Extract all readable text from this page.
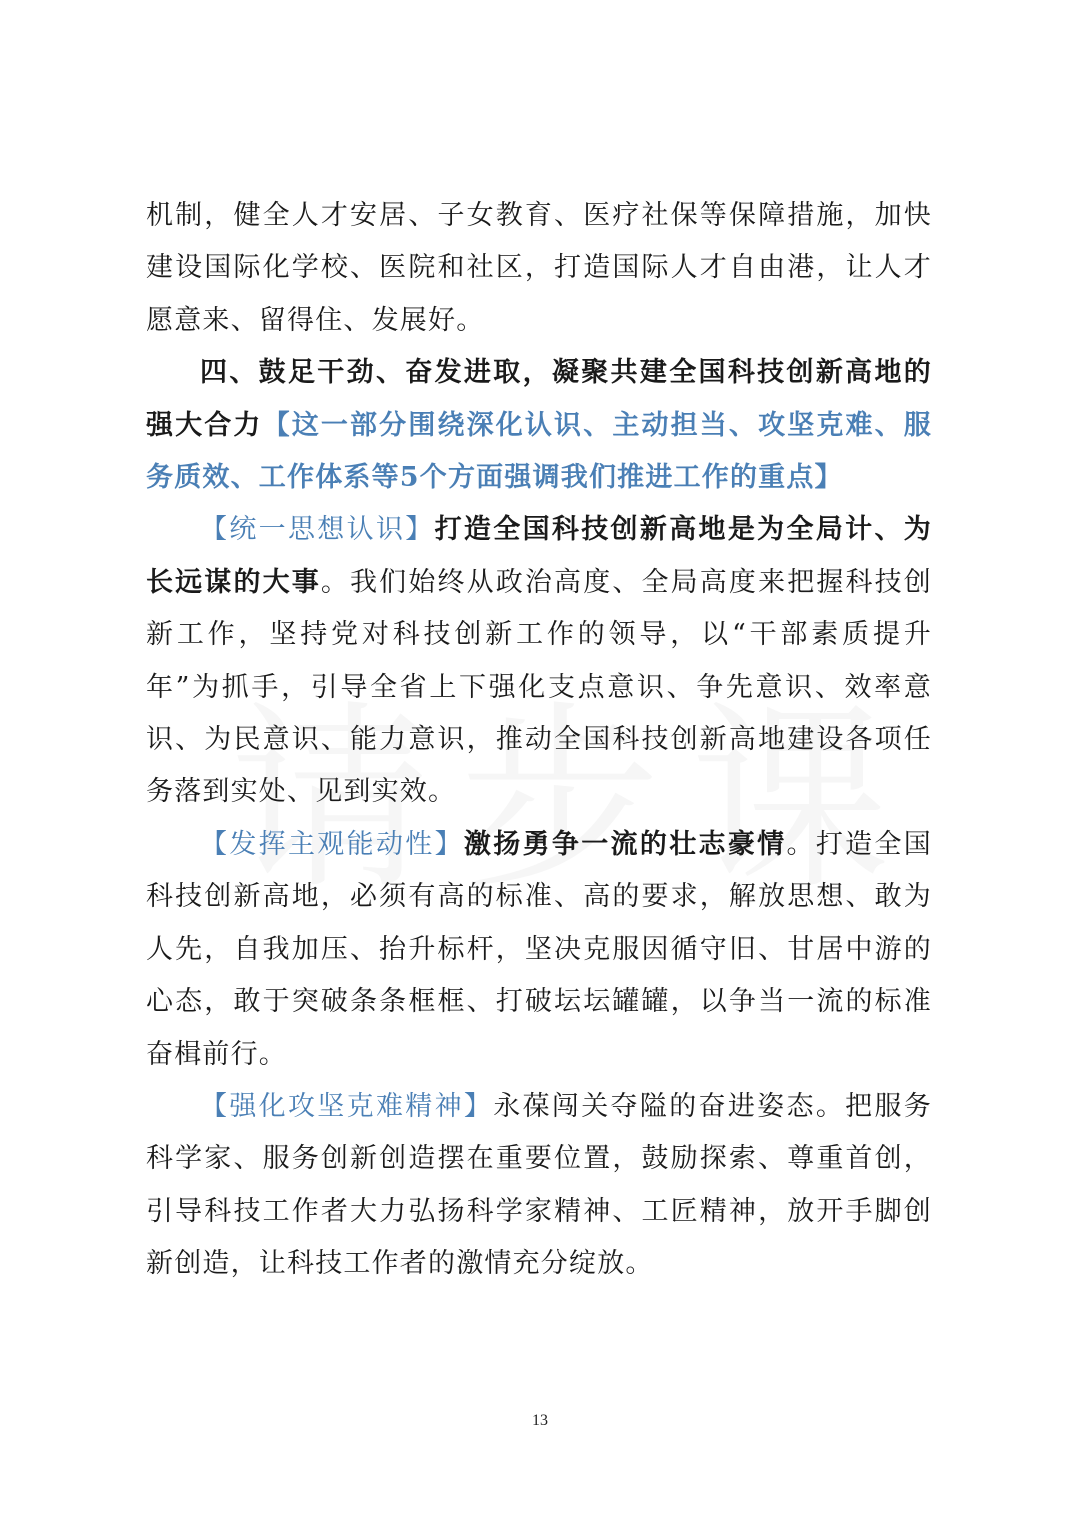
机制，健全人才安居、子女教育、医疗社保等保障措施，加快建设国际化学校、医院和社区，打造国际人才自由港，让人才愿意来、留得住、发展好。

四、鼓足干劲、奋发进取，凝聚共建全国科技创新高地的强大合力【这一部分围绕深化认识、主动担当、攻坚克难、服务质效、工作体系等5个方面强调我们推进工作的重点】

【统一思想认识】打造全国科技创新高地是为全局计、为长远谋的大事。我们始终从政治高度、全局高度来把握科技创新工作，坚持党对科技创新工作的领导，以“干部素质提升年”为抓手，引导全省上下强化支点意识、争先意识、效率意识、为民意识、能力意识，推动全国科技创新高地建设各项任务落到实处、见到实效。

【发挥主观能动性】激扬勇争一流的壮志豪情。打造全国科技创新高地，必须有高的标准、高的要求，解放思想、敢为人先，自我加压、抬升标杆，坚决克服因循守旧、甘居中游的心态，敢于突破条条框框、打破坛坛罐罐，以争当一流的标准奋楫前行。

【强化攻坚克难精神】永葆闯关夺隘的奋进姿态。把服务科学家、服务创新创造摆在重要位置，鼓励探索、尊重首创，引导科技工作者大力弘扬科学家精神、工匠精神，放开手脚创新创造，让科技工作者的激情充分绽放。

13
